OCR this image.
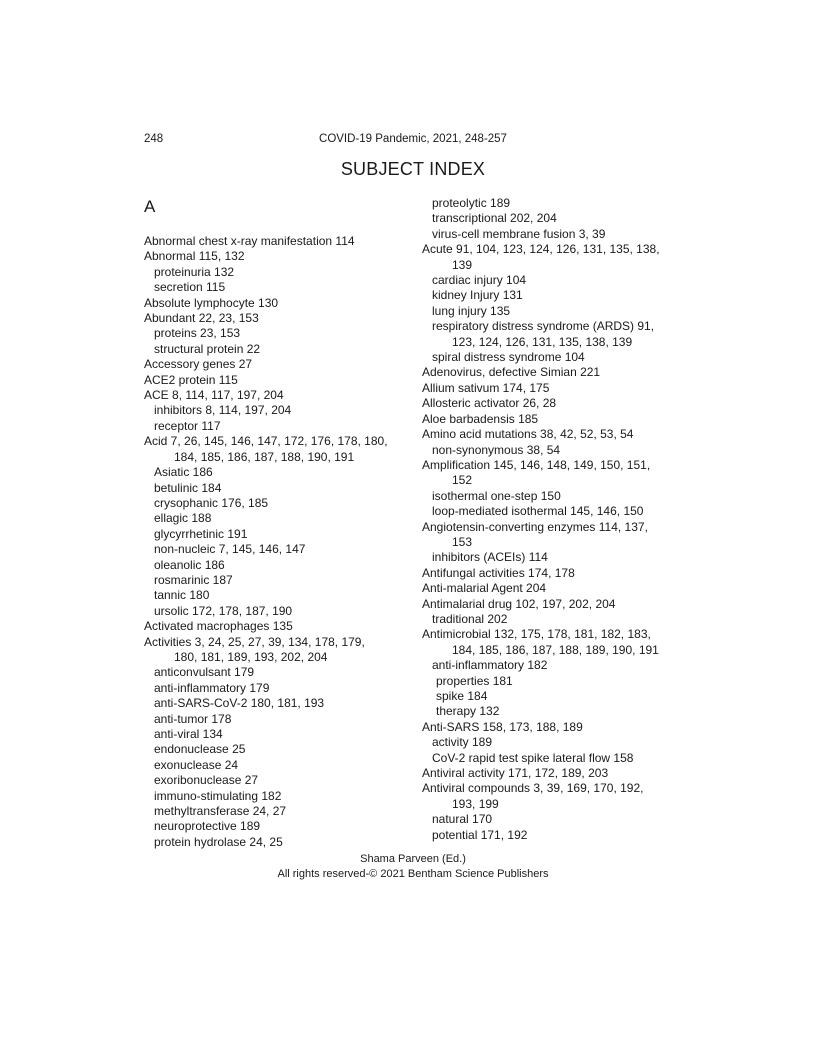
248	COVID-19 Pandemic, 2021, 248-257
SUBJECT INDEX
A
Abnormal chest x-ray manifestation 114
Abnormal 115, 132
proteinuria 132
secretion 115
Absolute lymphocyte 130
Abundant 22, 23, 153
proteins 23, 153
structural protein 22
Accessory genes 27
ACE2 protein 115
ACE 8, 114, 117, 197, 204
inhibitors 8, 114, 197, 204
receptor 117
Acid 7, 26, 145, 146, 147, 172, 176, 178, 180,
184, 185, 186, 187, 188, 190, 191
Asiatic 186
betulinic 184
crysophanic 176, 185
ellagic 188
glycyrrhetinic 191
non-nucleic 7, 145, 146, 147
oleanolic 186
rosmarinic 187
tannic 180
ursolic 172, 178, 187, 190
Activated macrophages 135
Activities 3, 24, 25, 27, 39, 134, 178, 179,
180, 181, 189, 193, 202, 204
anticonvulsant 179
anti-inflammatory 179
anti-SARS-CoV-2 180, 181, 193
anti-tumor 178
anti-viral 134
endonuclease 25
exonuclease 24
exoribonuclease 27
immuno-stimulating 182
methyltransferase 24, 27
neuroprotective 189
protein hydrolase 24, 25
proteolytic 189
transcriptional 202, 204
virus-cell membrane fusion 3, 39
Acute 91, 104, 123, 124, 126, 131, 135, 138,
139
cardiac injury 104
kidney Injury 131
lung injury 135
respiratory distress syndrome (ARDS) 91,
123, 124, 126, 131, 135, 138, 139
spiral distress syndrome 104
Adenovirus, defective Simian 221
Allium sativum 174, 175
Allosteric activator 26, 28
Aloe barbadensis 185
Amino acid mutations 38, 42, 52, 53, 54
non-synonymous 38, 54
Amplification 145, 146, 148, 149, 150, 151,
152
isothermal one-step 150
loop-mediated isothermal 145, 146, 150
Angiotensin-converting enzymes 114, 137,
153
inhibitors (ACEIs) 114
Antifungal activities 174, 178
Anti-malarial Agent 204
Antimalarial drug 102, 197, 202, 204
traditional 202
Antimicrobial 132, 175, 178, 181, 182, 183,
184, 185, 186, 187, 188, 189, 190, 191
anti-inflammatory 182
properties 181
spike 184
therapy 132
Anti-SARS 158, 173, 188, 189
activity 189
CoV-2 rapid test spike lateral flow 158
Antiviral activity 171, 172, 189, 203
Antiviral compounds 3, 39, 169, 170, 192,
193, 199
natural 170
potential 171, 192
Shama Parveen (Ed.)
All rights reserved-© 2021 Bentham Science Publishers
